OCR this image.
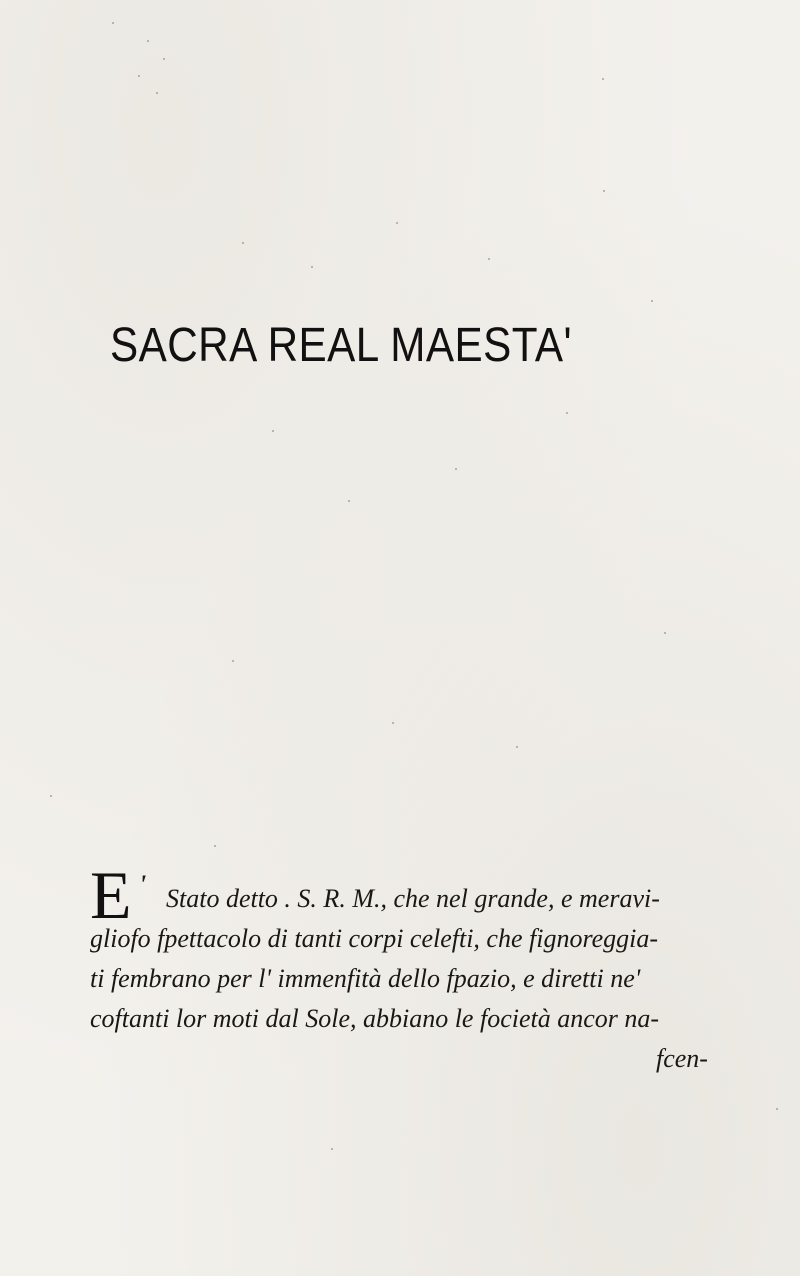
SACRA REAL MAESTA'
E ' Stato detto . S. R. M., che nel grande, e meravi-
gliofo fpettacolo di tanti corpi celefti, che fignoreggia-
ti fembrano per l' immenfità dello fpazio, e diretti ne'
coftanti lor moti dal Sole, abbiano le focietà ancor na-
fcen-
